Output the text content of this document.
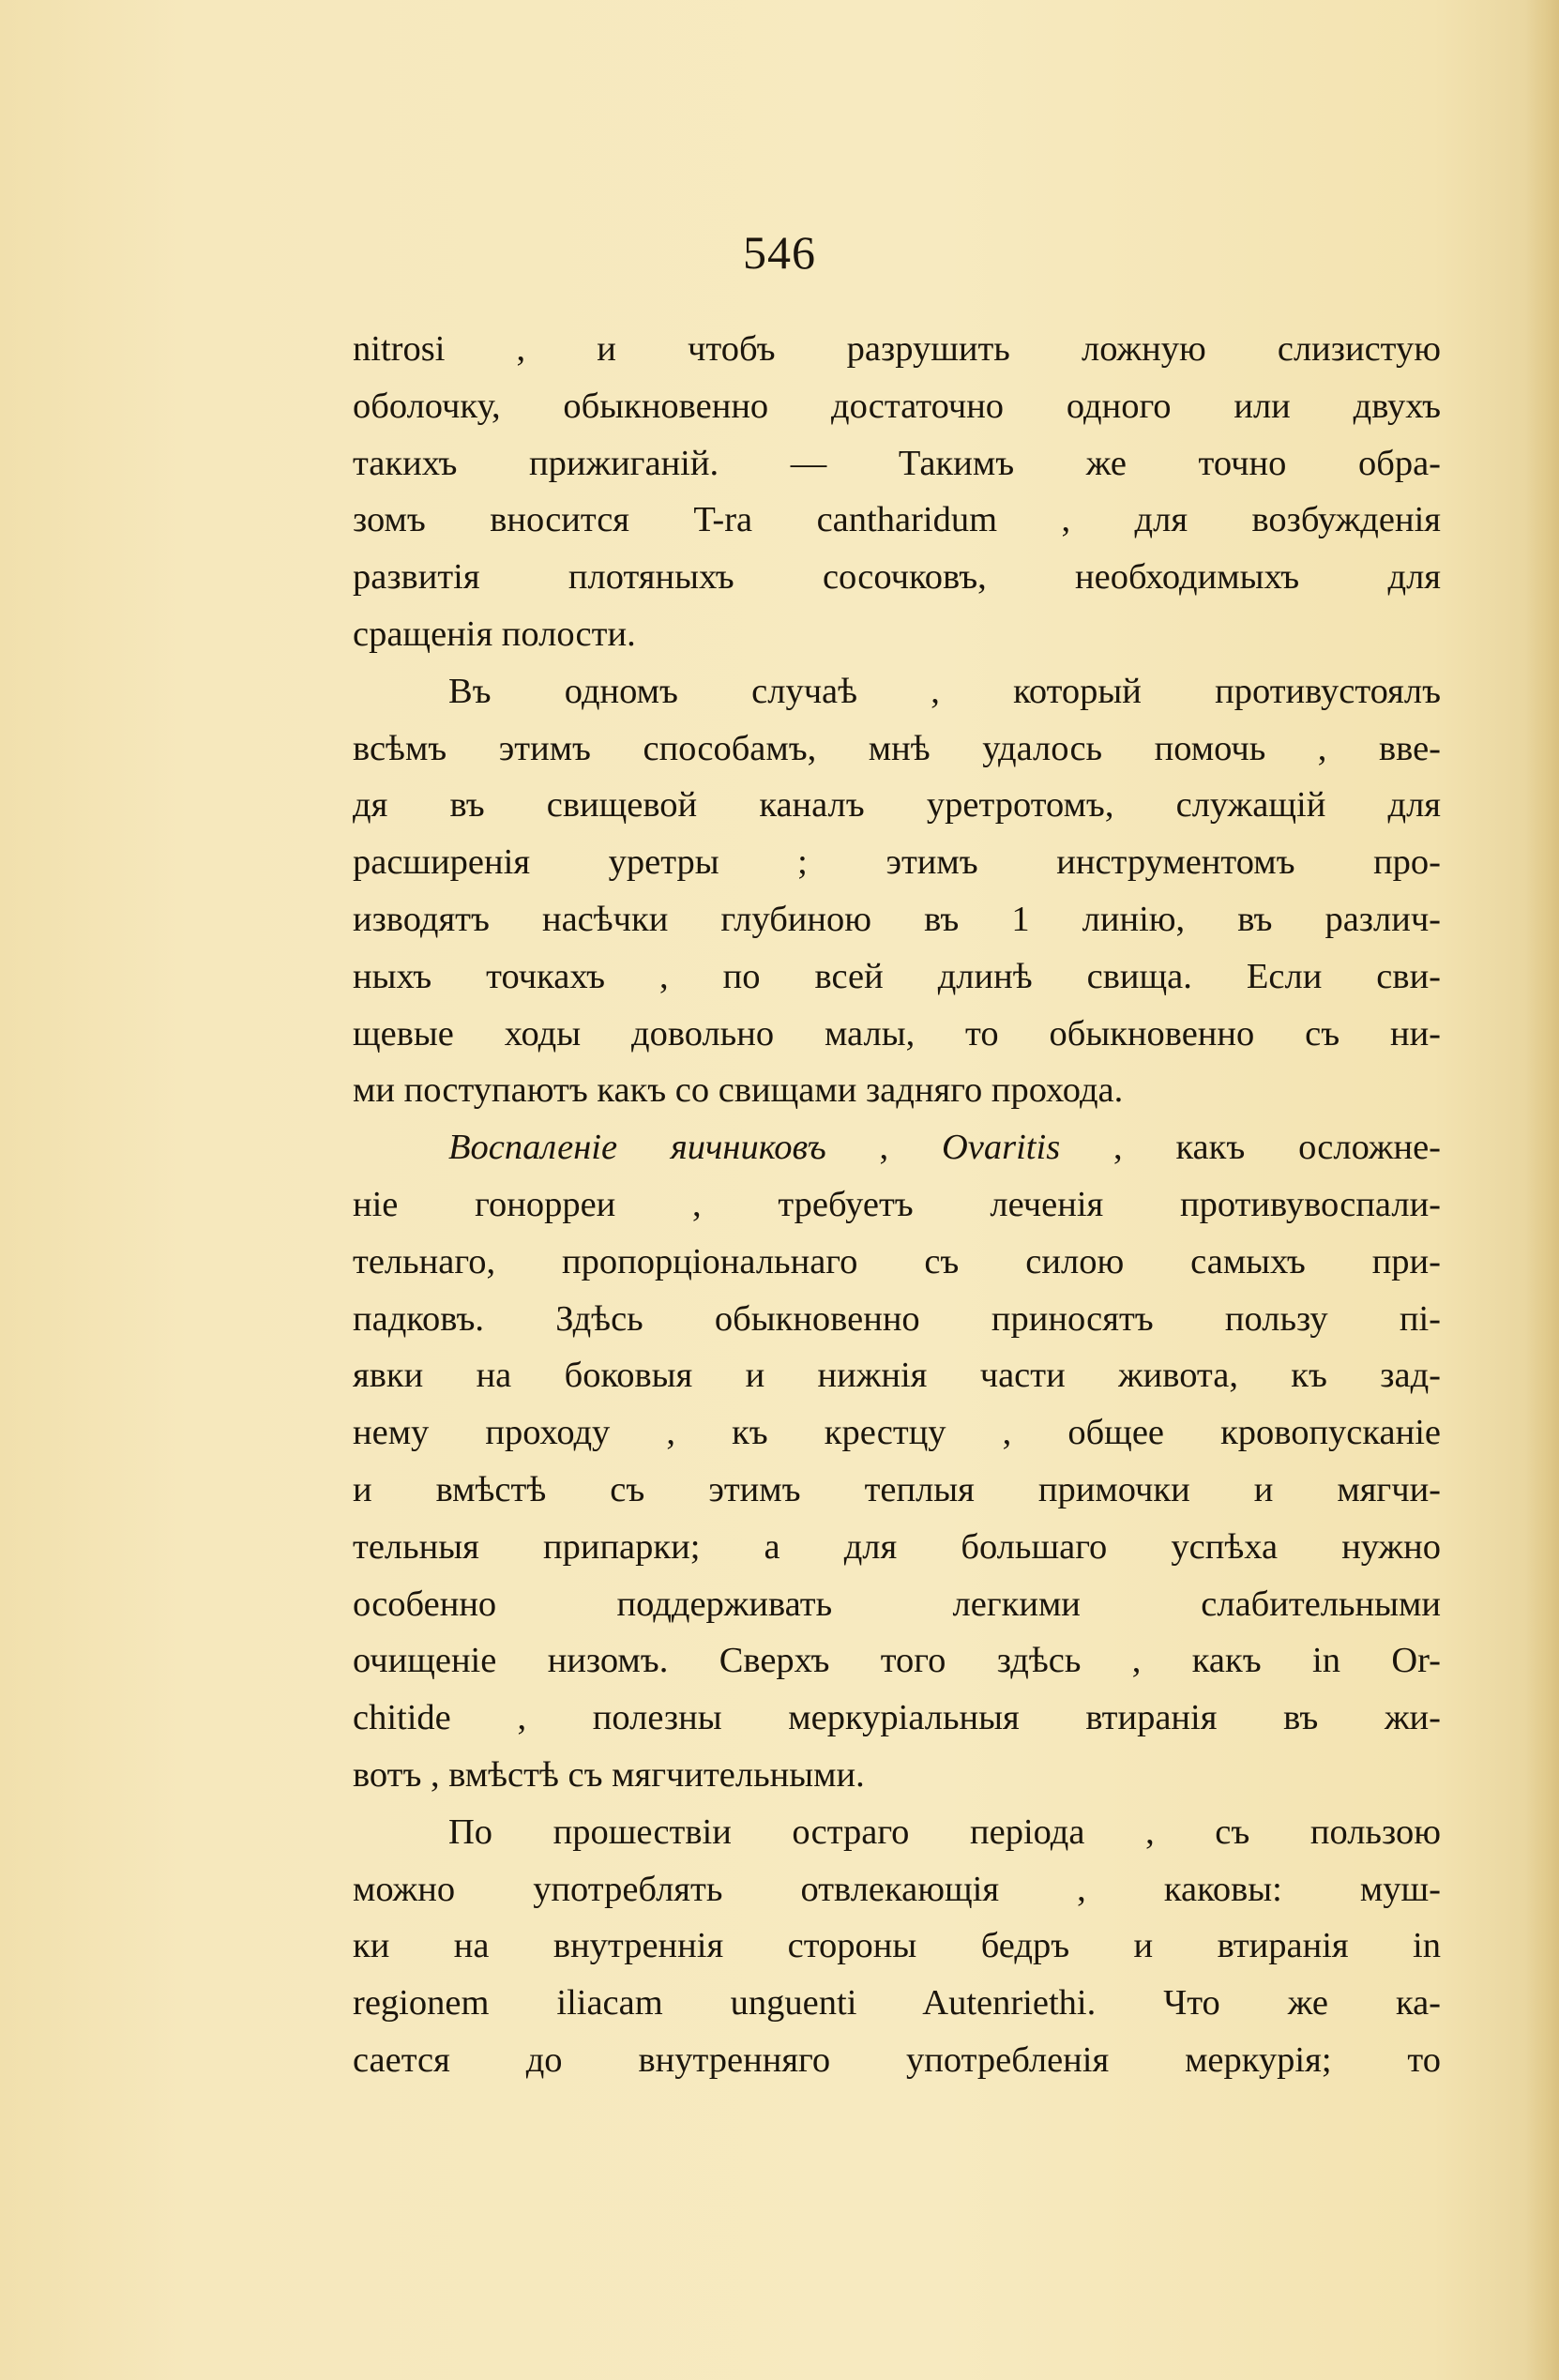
546
nitrosi , и чтобъ разрушить ложную слизистую
оболочку, обыкновенно достаточно одного или двухъ
такихъ прижиганій. — Такимъ же точно обра-
зомъ вносится T-ra cantharidum , для возбужденія
развитія плотяныхъ сосочковъ, необходимыхъ для
сращенія полости.
Въ одномъ случаѣ , который противустоялъ
всѣмъ этимъ способамъ, мнѣ удалось помочь , вве-
дя въ свищевой каналъ уретротомъ, служащій для
расширенія уретры ; этимъ инструментомъ про-
изводятъ насѣчки глубиною въ 1 линію, въ различ-
ныхъ точкахъ , по всей длинѣ свища. Если сви-
щевые ходы довольно малы, то обыкновенно съ ни-
ми поступаютъ какъ со свищами задняго прохода.
Воспаленіе яичниковъ , Ovaritis , какъ осложне-
ніе гонорреи , требуетъ леченія противувоспали-
тельнаго, пропорціональнаго съ силою самыхъ при-
падковъ. Здѣсь обыкновенно приносятъ пользу пі-
явки на боковыя и нижнія части живота, къ зад-
нему проходу , къ крестцу , общее кровопусканіе
и вмѣстѣ съ этимъ теплыя примочки и мягчи-
тельныя припарки; а для большаго успѣха нужно
особенно поддерживать легкими слабительными
очищеніе низомъ. Сверхъ того здѣсь , какъ in Or-
chitide , полезны меркуріальныя втиранія въ жи-
вотъ , вмѣстѣ съ мягчительными.
По прошествіи остраго періода , съ пользою
можно употреблять отвлекающія , каковы: муш-
ки на внутреннія стороны бедръ и втиранія in
regionem iliacam unguenti Autenriethi. Что же ка-
сается до внутренняго употребленія меркурія; то
